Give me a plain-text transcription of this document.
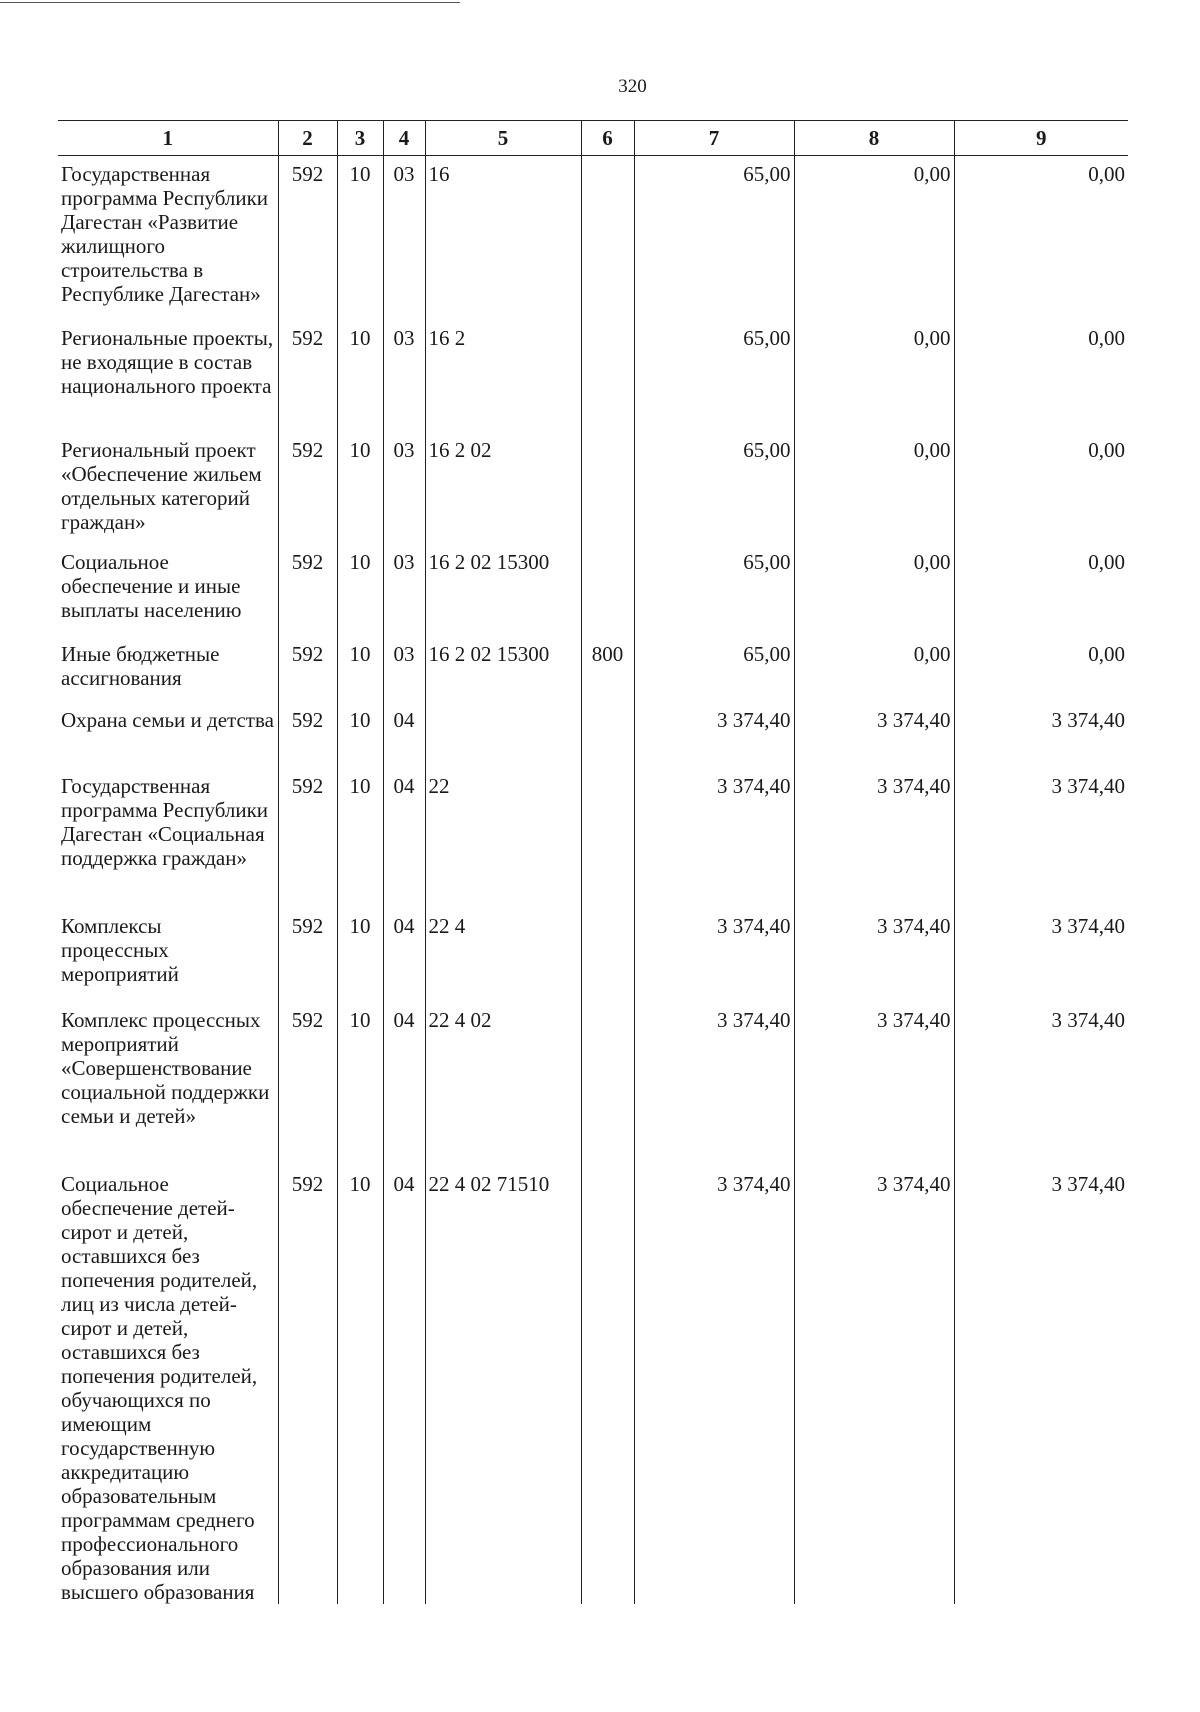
320
1	2	3	4	5	6	7	8	9
Государственная программа Республики Дагестан «Развитие жилищного строительства в Республике Дагестан»	592	10	03	16		65,00	0,00	0,00
Региональные проекты, не входящие в состав национального проекта	592	10	03	16 2		65,00	0,00	0,00
Региональный проект «Обеспечение жильем отдельных категорий граждан»	592	10	03	16 2 02		65,00	0,00	0,00
Социальное обеспечение и иные выплаты населению	592	10	03	16 2 02 15300		65,00	0,00	0,00
Иные бюджетные ассигнования	592	10	03	16 2 02 15300	800	65,00	0,00	0,00
Охрана семьи и детства	592	10	04			3 374,40	3 374,40	3 374,40
Государственная программа Республики Дагестан «Социальная поддержка граждан»	592	10	04	22		3 374,40	3 374,40	3 374,40
Комплексы процессных мероприятий	592	10	04	22 4		3 374,40	3 374,40	3 374,40
Комплекс процессных мероприятий «Совершенствование социальной поддержки семьи и детей»	592	10	04	22 4 02		3 374,40	3 374,40	3 374,40
Социальное обеспечение детей-сирот и детей, оставшихся без попечения родителей, лиц из числа детей-сирот и детей, оставшихся без попечения родителей, обучающихся по имеющим государственную аккредитацию образовательным программам среднего профессионального образования или высшего образования	592	10	04	22 4 02 71510		3 374,40	3 374,40	3 374,40
